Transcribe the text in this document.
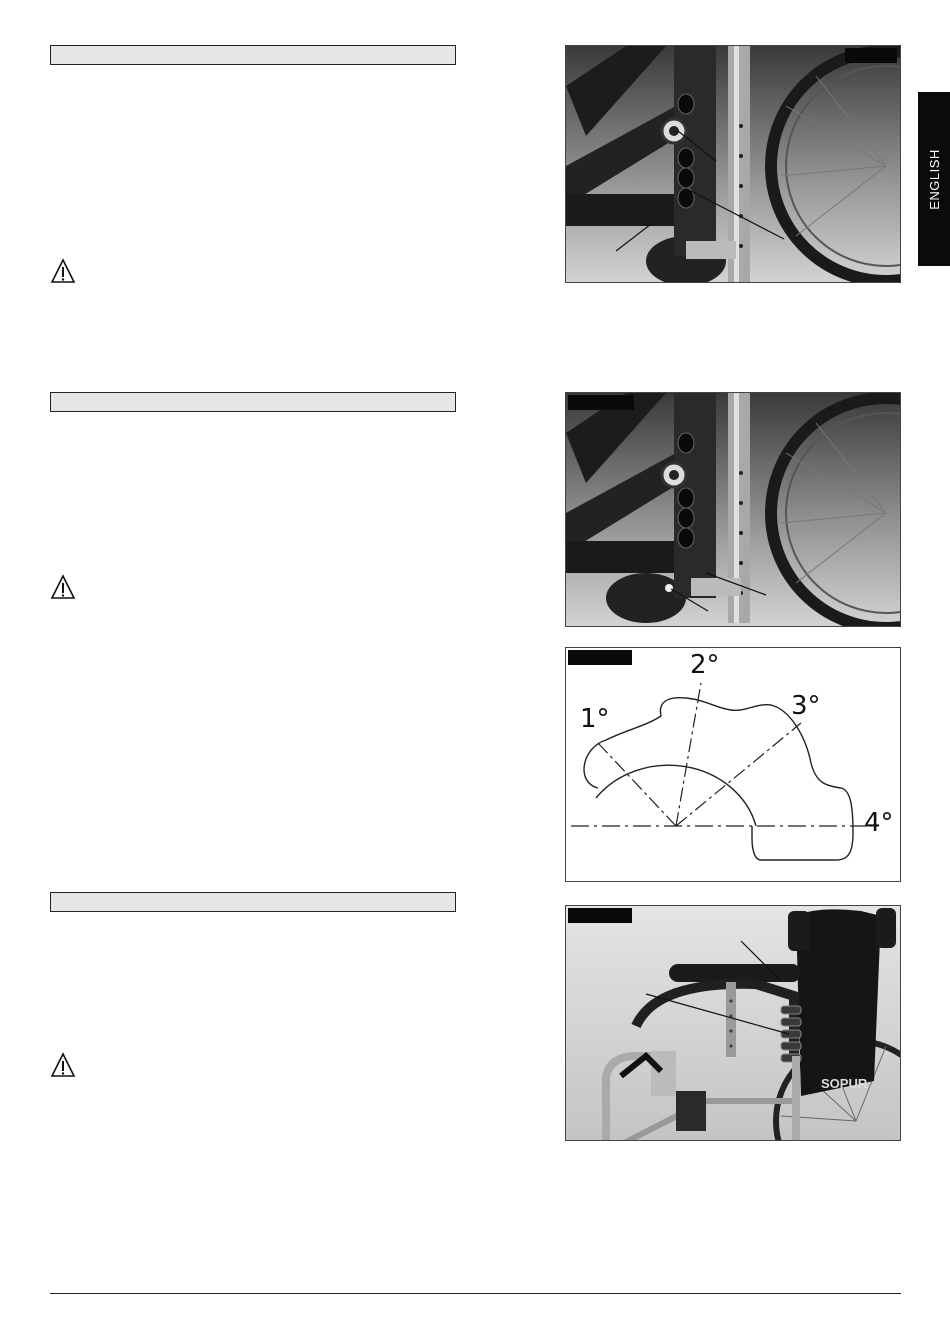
ENGLISH
1°
2°
3°
4°
SOPUR
